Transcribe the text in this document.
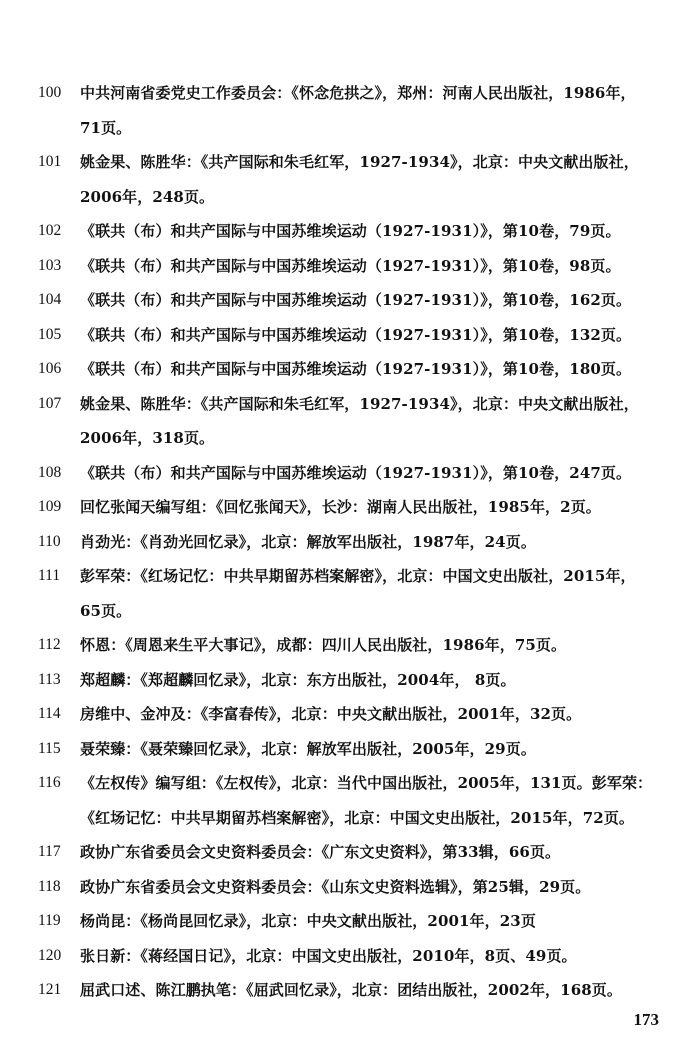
100	中共河南省委党史工作委员会：《怀念危拱之》，郑州：河南人民出版社，1986年，
71页。
101	姚金果、陈胜华：《共产国际和朱毛红军，1927-1934》，北京：中央文献出版社，
2006年，248页。
102	《联共（布）和共产国际与中国苏维埃运动（1927-1931）》，第10卷，79页。
103	《联共（布）和共产国际与中国苏维埃运动（1927-1931）》，第10卷，98页。
104	《联共（布）和共产国际与中国苏维埃运动（1927-1931）》，第10卷，162页。
105	《联共（布）和共产国际与中国苏维埃运动（1927-1931）》，第10卷，132页。
106	《联共（布）和共产国际与中国苏维埃运动（1927-1931）》，第10卷，180页。
107	姚金果、陈胜华：《共产国际和朱毛红军，1927-1934》，北京：中央文献出版社，
2006年，318页。
108	《联共（布）和共产国际与中国苏维埃运动（1927-1931）》，第10卷，247页。
109	回忆张闻天编写组：《回忆张闻天》，长沙：湖南人民出版社，1985年，2页。
110	肖劲光：《肖劲光回忆录》，北京：解放军出版社，1987年，24页。
111	彭军荣：《红场记忆：中共早期留苏档案解密》，北京：中国文史出版社，2015年，
65页。
112	怀恩：《周恩来生平大事记》，成都：四川人民出版社，1986年，75页。
113	郑超麟：《郑超麟回忆录》，北京：东方出版社，2004年， 8页。
114	房维中、金冲及：《李富春传》，北京：中央文献出版社，2001年，32页。
115	聂荣臻：《聂荣臻回忆录》，北京：解放军出版社，2005年，29页。
116	《左权传》编写组：《左权传》，北京：当代中国出版社，2005年，131页。彭军荣：
《红场记忆：中共早期留苏档案解密》，北京：中国文史出版社，2015年，72页。
117	政协广东省委员会文史资料委员会：《广东文史资料》，第33辑，66页。
118	政协广东省委员会文史资料委员会：《山东文史资料选辑》，第25辑，29页。
119	杨尚昆：《杨尚昆回忆录》，北京：中央文献出版社，2001年，23页
120	张日新：《蒋经国日记》，北京：中国文史出版社，2010年，8页、49页。
121	屈武口述、陈江鹏执笔：《屈武回忆录》，北京：团结出版社，2002年，168页。
173
